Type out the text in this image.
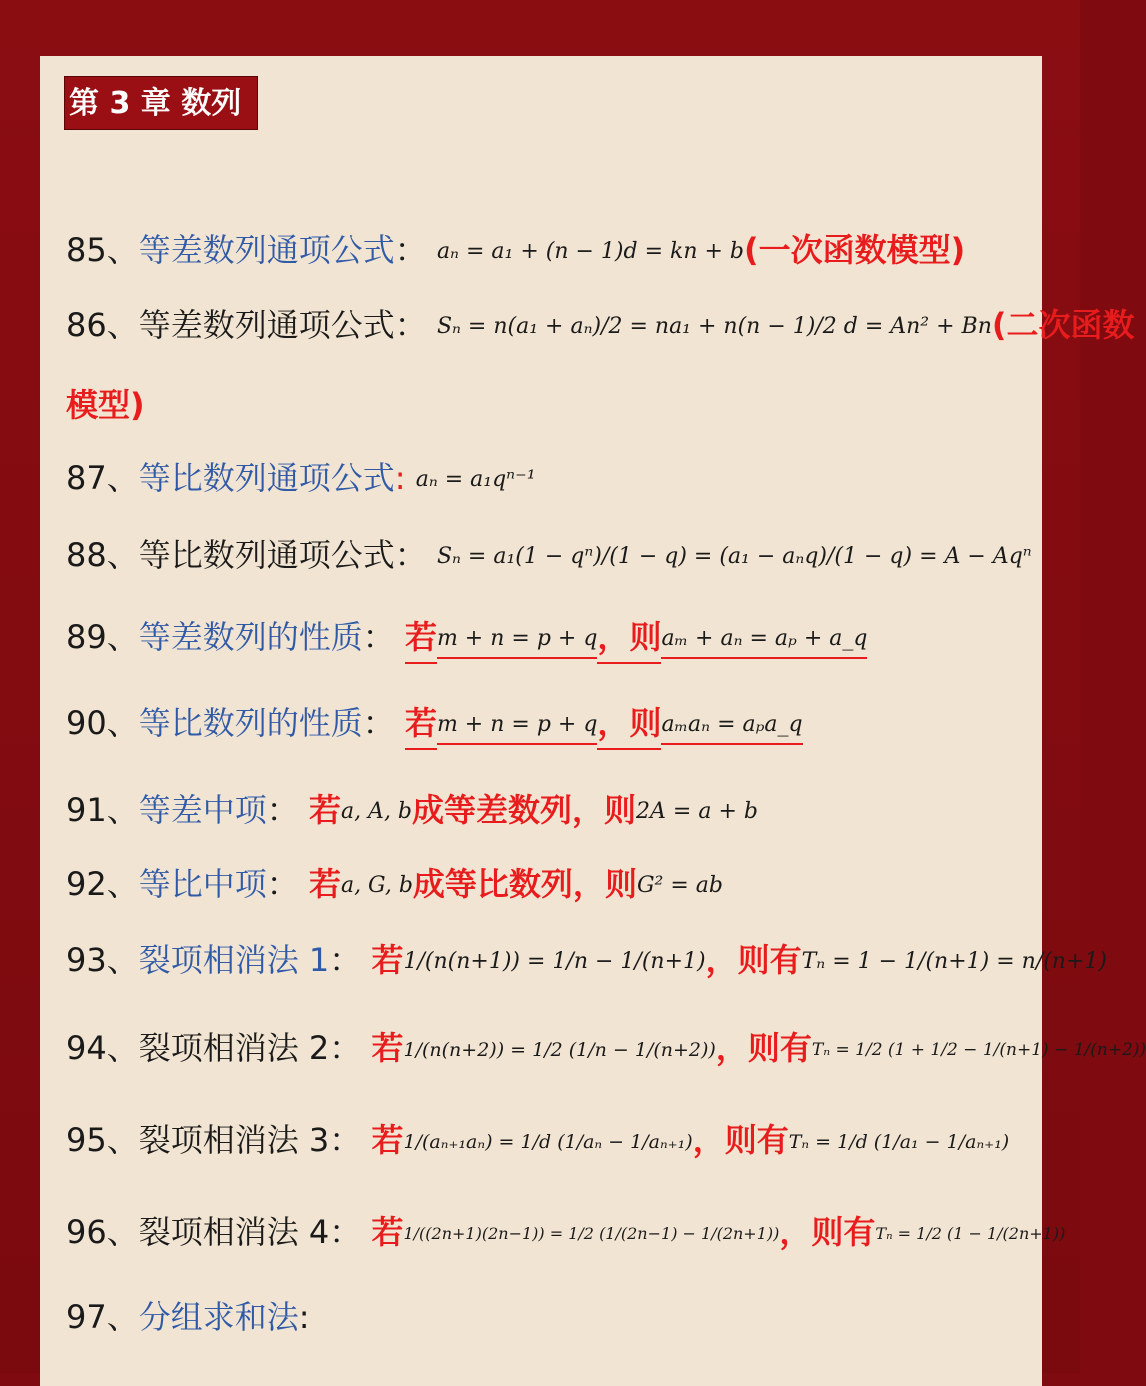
第 3 章 数列
85、等差数列通项公式： aₙ = a₁ + (n − 1)d = kn + b(一次函数模型)
86、等差数列通项公式： Sₙ = n(a₁ + aₙ)/2 = na₁ + n(n − 1)/2 d = An² + Bn(二次函数
模型)
87、等比数列通项公式: aₙ = a₁qⁿ⁻¹
88、等比数列通项公式： Sₙ = a₁(1 − qⁿ)/(1 − q) = (a₁ − aₙq)/(1 − q) = A − Aqⁿ
89、等差数列的性质： 若m + n = p + q，则aₘ + aₙ = aₚ + a_q
90、等比数列的性质： 若m + n = p + q，则aₘaₙ = aₚa_q
91、等差中项： 若a, A, b成等差数列，则2A = a + b
92、等比中项： 若a, G, b成等比数列，则G² = ab
93、裂项相消法 1： 若1/(n(n+1)) = 1/n − 1/(n+1)，则有Tₙ = 1 − 1/(n+1) = n/(n+1)
94、裂项相消法 2： 若1/(n(n+2)) = 1/2 (1/n − 1/(n+2))，则有Tₙ = 1/2 (1 + 1/2 − 1/(n+1) − 1/(n+2))
95、裂项相消法 3： 若1/(aₙ₊₁aₙ) = 1/d (1/aₙ − 1/aₙ₊₁)，则有Tₙ = 1/d (1/a₁ − 1/aₙ₊₁)
96、裂项相消法 4： 若1/((2n+1)(2n−1)) = 1/2 (1/(2n−1) − 1/(2n+1))，则有Tₙ = 1/2 (1 − 1/(2n+1))
97、分组求和法:
